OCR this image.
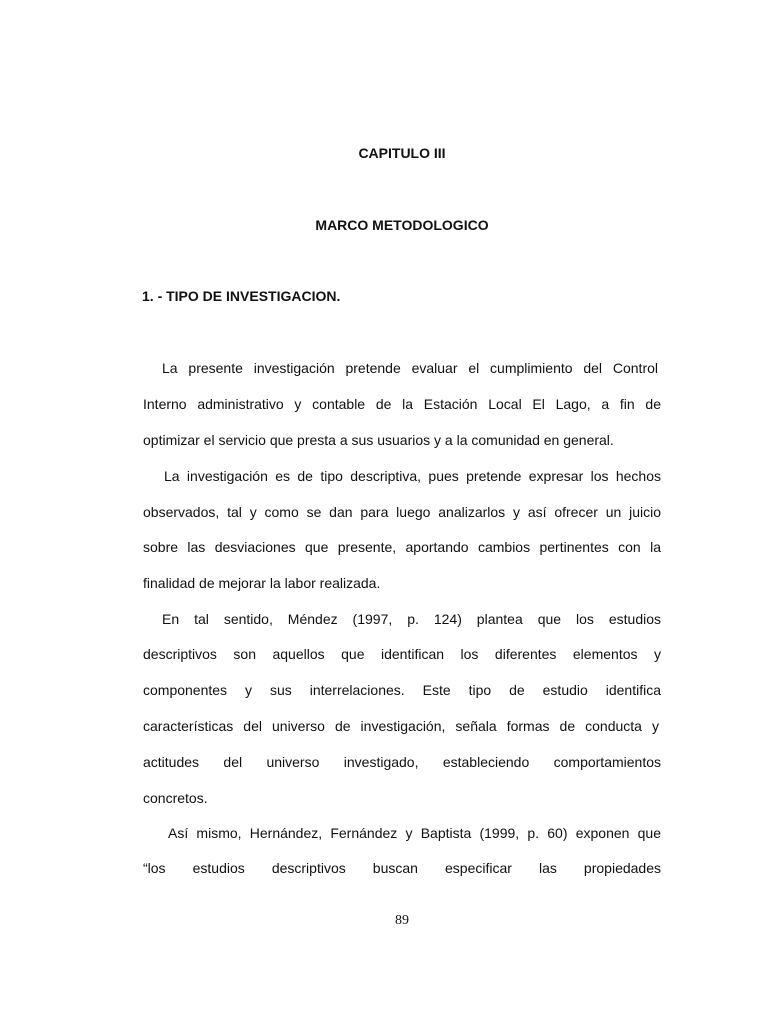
CAPITULO III
MARCO METODOLOGICO
1. - TIPO DE INVESTIGACION.

La presente investigación pretende evaluar el cumplimiento del Control

Interno administrativo y contable de la Estación Local El Lago, a fin de

optimizar el servicio que presta a sus usuarios y a la comunidad en general.

La investigación es de tipo descriptiva, pues pretende expresar los hechos

observados, tal y como se dan para luego analizarlos y así ofrecer un juicio

sobre las desviaciones que presente, aportando cambios pertinentes con la

finalidad de mejorar la labor realizada.

En tal sentido, Méndez (1997, p. 124) plantea que los estudios

descriptivos son aquellos que identifican los diferentes elementos y

componentes y sus interrelaciones. Este tipo de estudio identifica

características del universo de investigación, señala formas de conducta y

actitudes del universo investigado, estableciendo comportamientos

concretos.

Así mismo, Hernández, Fernández y Baptista (1999, p. 60) exponen que

“los estudios descriptivos buscan especificar las propiedades

89
